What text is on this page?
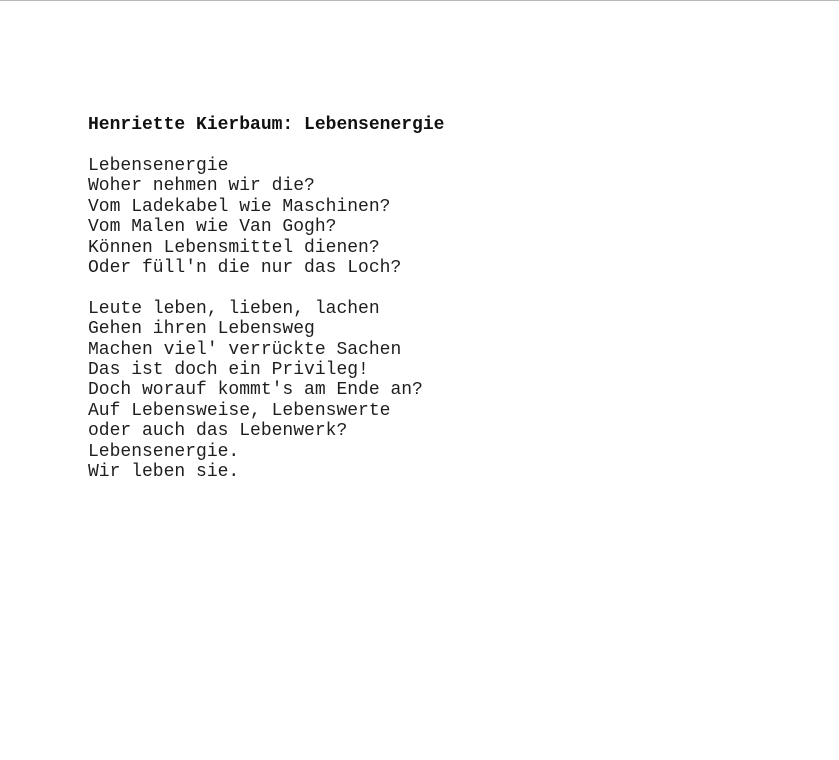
Henriette Kierbaum: Lebensenergie
Lebensenergie
Woher nehmen wir die?
Vom Ladekabel wie Maschinen?
Vom Malen wie Van Gogh?
Können Lebensmittel dienen?
Oder füll'n die nur das Loch?
Leute leben, lieben, lachen
Gehen ihren Lebensweg
Machen viel' verrückte Sachen
Das ist doch ein Privileg!
Doch worauf kommt's am Ende an?
Auf Lebensweise, Lebenswerte
oder auch das Lebenwerk?
Lebensenergie.
Wir leben sie.
